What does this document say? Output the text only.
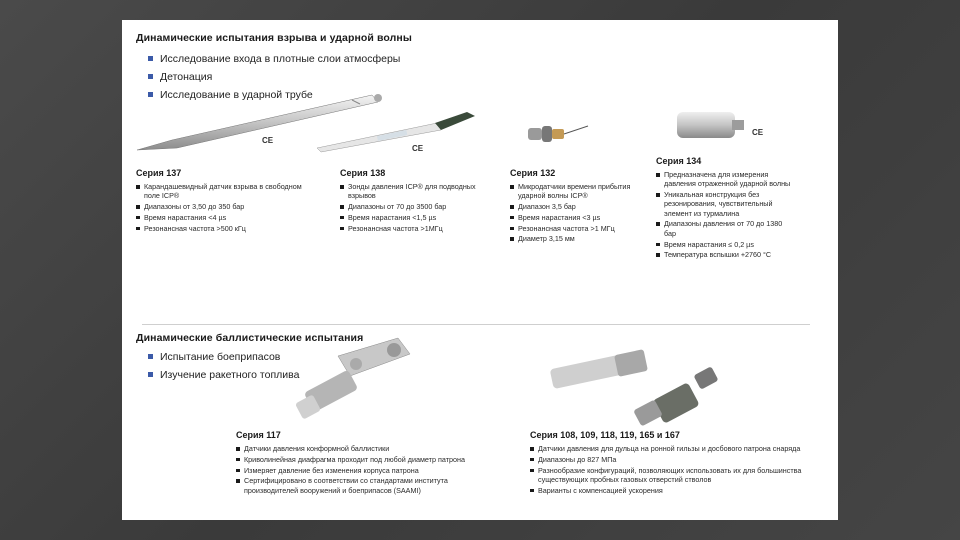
Динамические испытания взрыва и ударной волны
Исследование входа в плотные слои атмосферы
Детонация
Исследование в ударной трубе
CE
CE
CE
Серия 137
Карандашевидный датчик взрыва в свободном поле ICP®
Диапазоны от 3,50 до 350 бар
Время нарастания <4 µs
Резонансная частота >500 кГц
Серия 138
Зонды давления ICP® для подводных взрывов
Диапазоны от 70 до 3500 бар
Время нарастания <1,5 µs
Резонансная частота >1МГц
Серия 132
Микродатчики времени прибытия ударной волны ICP®
Диапазон 3,5 бар
Время нарастания <3 µs
Резонансная частота >1 МГц
Диаметр 3,15 мм
Серия 134
Предназначена для измерения давления отраженной ударной волны
Уникальная конструкция без резонирования, чувствительный элемент из турмалина
Диапазоны давления от 70 до 1380 бар
Время нарастания ≤ 0,2 µs
Температура вспышки +2760 °С
Динамические баллистические испытания
Испытание боеприпасов
Изучение ракетного топлива
Серия 117
Датчики давления конформной баллистики
Криволинейная диафрагма проходит под любой диаметр патрона
Измеряет давление без изменения корпуса патрона
Сертифицировано в соответствии со стандартами института производителей вооружений и боеприпасов (SAAMI)
Серия 108, 109, 118, 119, 165 и 167
Датчики давления для дульца на ронной гильзы и досбового патрона снаряда
Диапазоны до 827 МПа
Разнообразие конфигураций, позволяющих использовать их для большинства существующих пробных газовых отверстий стволов
Варианты с компенсацией ускорения
